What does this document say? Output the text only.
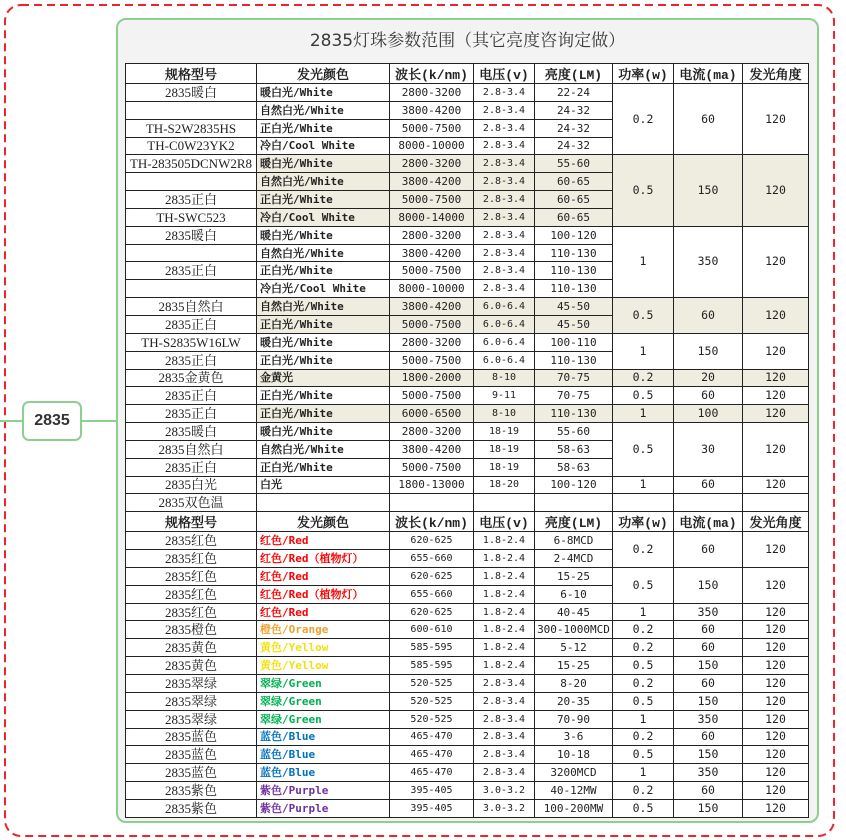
2835
2835灯珠参数范围（其它亮度咨询定做）
规格型号	发光颜色	波长(k/nm)	电压(v)	亮度(LM)	功率(w)	电流(ma)	发光角度
2835暖白	暖白光/White	2800-3200	2.8-3.4	22-24	0.2	60	120
	自然白光/White	3800-4200	2.8-3.4	24-32			
TH-S2W2835HS	正白光/White	5000-7500	2.8-3.4	24-32			
TH-C0W23YK2	冷白/Cool White	8000-10000	2.8-3.4	24-32			
TH-283505DCNW2R8	暖白光/White	2800-3200	2.8-3.4	55-60	0.5	150	120
	自然白光/White	3800-4200	2.8-3.4	60-65			
2835正白	正白光/White	5000-7500	2.8-3.4	60-65			
TH-SWC523	冷白/Cool White	8000-14000	2.8-3.4	60-65			
2835暖白	暖白光/White	2800-3200	2.8-3.4	100-120	1	350	120
	自然白光/White	3800-4200	2.8-3.4	110-130			
2835正白	正白光/White	5000-7500	2.8-3.4	110-130			
	冷白光/Cool White	8000-10000	2.8-3.4	110-130			
2835自然白	自然白光/White	3800-4200	6.0-6.4	45-50	0.5	60	120
2835正白	正白光/White	5000-7500	6.0-6.4	45-50			
TH-S2835W16LW	暖白光/White	2800-3200	6.0-6.4	100-110	1	150	120
2835正白	正白光/White	5000-7500	6.0-6.4	110-130			
2835金黄色	金黄光	1800-2000	8-10	70-75	0.2	20	120
2835正白	正白光/White	5000-7500	9-11	70-75	0.5	60	120
2835正白	正白光/White	6000-6500	8-10	110-130	1	100	120
2835暖白	暖白光/White	2800-3200	18-19	55-60	0.5	30	120
2835自然白	自然白光/White	3800-4200	18-19	58-63			
2835正白	正白光/White	5000-7500	18-19	58-63			
2835白光	白光	1800-13000	18-20	100-120	1	60	120
2835双色温							
规格型号	发光颜色	波长(k/nm)	电压(v)	亮度(LM)	功率(w)	电流(ma)	发光角度
2835红色	红色/Red	620-625	1.8-2.4	6-8MCD	0.2	60	120
2835红色	红色/Red（植物灯）	655-660	1.8-2.4	2-4MCD			
2835红色	红色/Red	620-625	1.8-2.4	15-25	0.5	150	120
2835红色	红色/Red（植物灯）	655-660	1.8-2.4	6-10			
2835红色	红色/Red	620-625	1.8-2.4	40-45	1	350	120
2835橙色	橙色/Orange	600-610	1.8-2.4	300-1000MCD	0.2	60	120
2835黄色	黄色/Yellow	585-595	1.8-2.4	5-12	0.2	60	120
2835黄色	黄色/Yellow	585-595	1.8-2.4	15-25	0.5	150	120
2835翠绿	翠绿/Green	520-525	2.8-3.4	8-20	0.2	60	120
2835翠绿	翠绿/Green	520-525	2.8-3.4	20-35	0.5	150	120
2835翠绿	翠绿/Green	520-525	2.8-3.4	70-90	1	350	120
2835蓝色	蓝色/Blue	465-470	2.8-3.4	3-6	0.2	60	120
2835蓝色	蓝色/Blue	465-470	2.8-3.4	10-18	0.5	150	120
2835蓝色	蓝色/Blue	465-470	2.8-3.4	3200MCD	1	350	120
2835紫色	紫色/Purple	395-405	3.0-3.2	40-12MW	0.2	60	120
2835紫色	紫色/Purple	395-405	3.0-3.2	100-200MW	0.5	150	120
